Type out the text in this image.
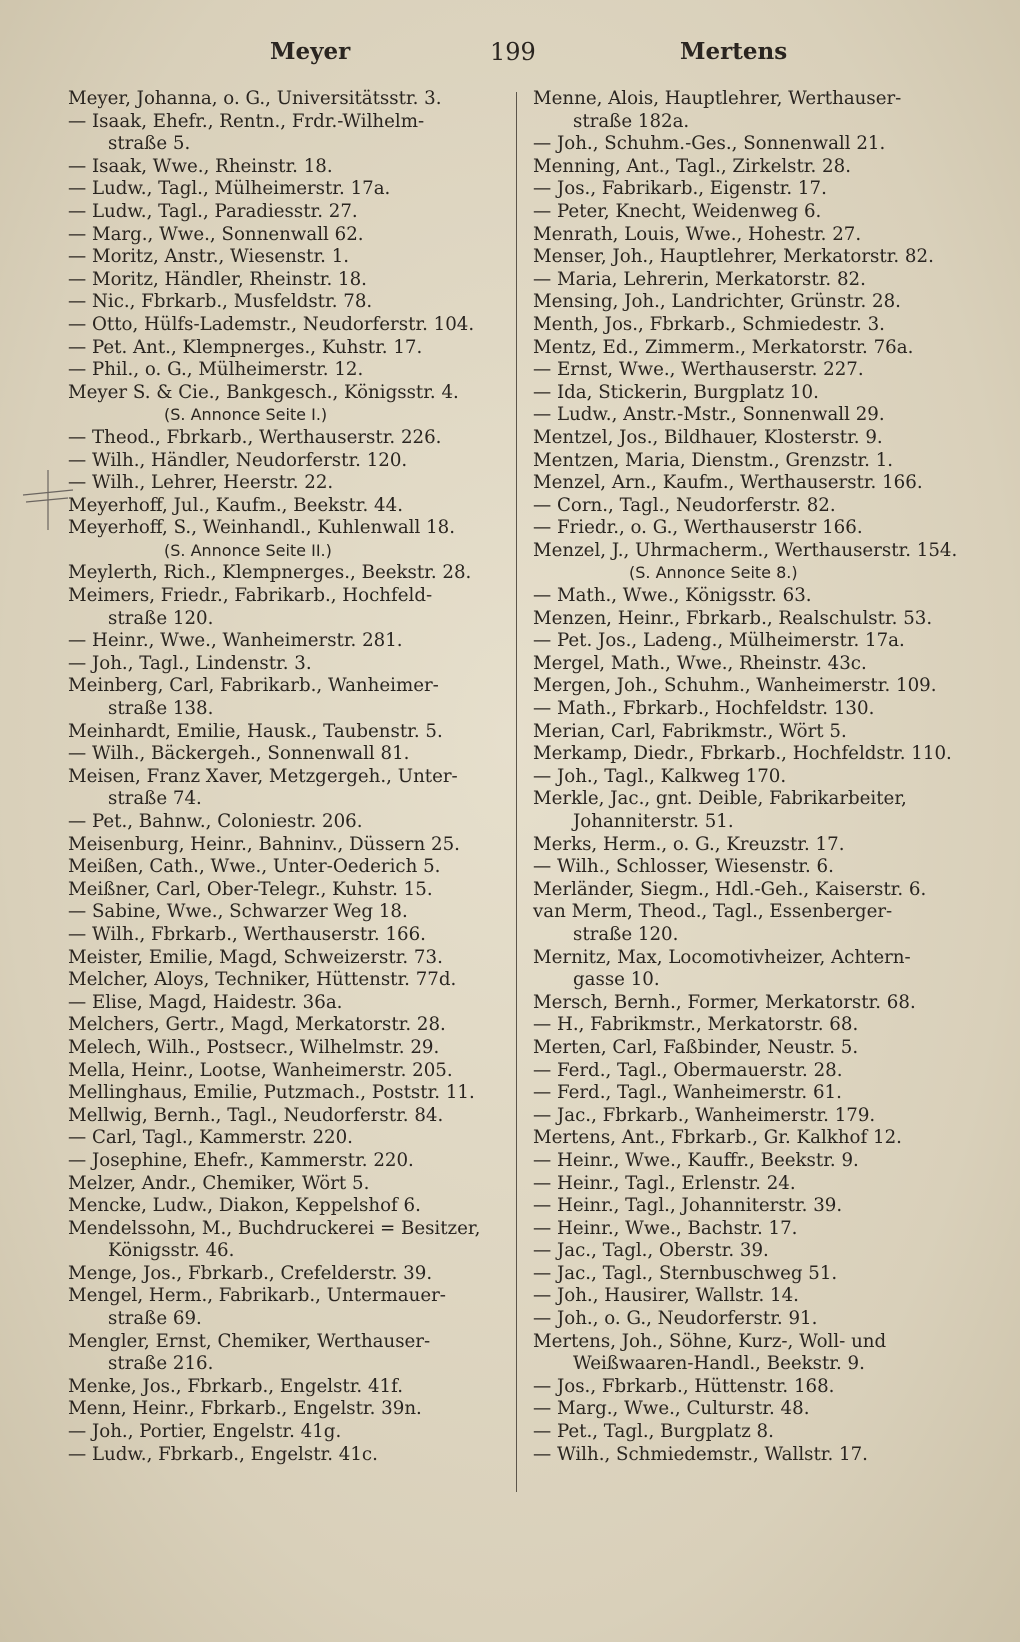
Meyer	199	Mertens
Meyer, Johanna, o. G., Universitätsstr. 3.
— Isaak, Ehefr., Rentn., Frdr.-Wilhelm-
straße 5.
— Isaak, Wwe., Rheinstr. 18.
— Ludw., Tagl., Mülheimerstr. 17a.
— Ludw., Tagl., Paradiesstr. 27.
— Marg., Wwe., Sonnenwall 62.
— Moritz, Anstr., Wiesenstr. 1.
— Moritz, Händler, Rheinstr. 18.
— Nic., Fbrkarb., Musfeldstr. 78.
— Otto, Hülfs-Lademstr., Neudorferstr. 104.
— Pet. Ant., Klempnerges., Kuhstr. 17.
— Phil., o. G., Mülheimerstr. 12.
Meyer S. & Cie., Bankgesch., Königsstr. 4.
(S. Annonce Seite I.)
— Theod., Fbrkarb., Werthauserstr. 226.
— Wilh., Händler, Neudorferstr. 120.
— Wilh., Lehrer, Heerstr. 22.
Meyerhoff, Jul., Kaufm., Beekstr. 44.
Meyerhoff, S., Weinhandl., Kuhlenwall 18.
(S. Annonce Seite II.)
Meylerth, Rich., Klempnerges., Beekstr. 28.
Meimers, Friedr., Fabrikarb., Hochfeld-
straße 120.
— Heinr., Wwe., Wanheimerstr. 281.
— Joh., Tagl., Lindenstr. 3.
Meinberg, Carl, Fabrikarb., Wanheimer-
straße 138.
Meinhardt, Emilie, Hausk., Taubenstr. 5.
— Wilh., Bäckergeh., Sonnenwall 81.
Meisen, Franz Xaver, Metzgergeh., Unter-
straße 74.
— Pet., Bahnw., Coloniestr. 206.
Meisenburg, Heinr., Bahninv., Düssern 25.
Meißen, Cath., Wwe., Unter-Oederich 5.
Meißner, Carl, Ober-Telegr., Kuhstr. 15.
— Sabine, Wwe., Schwarzer Weg 18.
— Wilh., Fbrkarb., Werthauserstr. 166.
Meister, Emilie, Magd, Schweizerstr. 73.
Melcher, Aloys, Techniker, Hüttenstr. 77d.
— Elise, Magd, Haidestr. 36a.
Melchers, Gertr., Magd, Merkatorstr. 28.
Melech, Wilh., Postsecr., Wilhelmstr. 29.
Mella, Heinr., Lootse, Wanheimerstr. 205.
Mellinghaus, Emilie, Putzmach., Poststr. 11.
Mellwig, Bernh., Tagl., Neudorferstr. 84.
— Carl, Tagl., Kammerstr. 220.
— Josephine, Ehefr., Kammerstr. 220.
Melzer, Andr., Chemiker, Wört 5.
Mencke, Ludw., Diakon, Keppelshof 6.
Mendelssohn, M., Buchdruckerei = Besitzer,
Königsstr. 46.
Menge, Jos., Fbrkarb., Crefelderstr. 39.
Mengel, Herm., Fabrikarb., Untermauer-
straße 69.
Mengler, Ernst, Chemiker, Werthauser-
straße 216.
Menke, Jos., Fbrkarb., Engelstr. 41f.
Menn, Heinr., Fbrkarb., Engelstr. 39n.
— Joh., Portier, Engelstr. 41g.
— Ludw., Fbrkarb., Engelstr. 41c.
Menne, Alois, Hauptlehrer, Werthauser-
straße 182a.
— Joh., Schuhm.-Ges., Sonnenwall 21.
Menning, Ant., Tagl., Zirkelstr. 28.
— Jos., Fabrikarb., Eigenstr. 17.
— Peter, Knecht, Weidenweg 6.
Menrath, Louis, Wwe., Hohestr. 27.
Menser, Joh., Hauptlehrer, Merkatorstr. 82.
— Maria, Lehrerin, Merkatorstr. 82.
Mensing, Joh., Landrichter, Grünstr. 28.
Menth, Jos., Fbrkarb., Schmiedestr. 3.
Mentz, Ed., Zimmerm., Merkatorstr. 76a.
— Ernst, Wwe., Werthauserstr. 227.
— Ida, Stickerin, Burgplatz 10.
— Ludw., Anstr.-Mstr., Sonnenwall 29.
Mentzel, Jos., Bildhauer, Klosterstr. 9.
Mentzen, Maria, Dienstm., Grenzstr. 1.
Menzel, Arn., Kaufm., Werthauserstr. 166.
— Corn., Tagl., Neudorferstr. 82.
— Friedr., o. G., Werthauserstr 166.
Menzel, J., Uhrmacherm., Werthauserstr. 154.
(S. Annonce Seite 8.)
— Math., Wwe., Königsstr. 63.
Menzen, Heinr., Fbrkarb., Realschulstr. 53.
— Pet. Jos., Ladeng., Mülheimerstr. 17a.
Mergel, Math., Wwe., Rheinstr. 43c.
Mergen, Joh., Schuhm., Wanheimerstr. 109.
— Math., Fbrkarb., Hochfeldstr. 130.
Merian, Carl, Fabrikmstr., Wört 5.
Merkamp, Diedr., Fbrkarb., Hochfeldstr. 110.
— Joh., Tagl., Kalkweg 170.
Merkle, Jac., gnt. Deible, Fabrikarbeiter,
Johanniterstr. 51.
Merks, Herm., o. G., Kreuzstr. 17.
— Wilh., Schlosser, Wiesenstr. 6.
Merländer, Siegm., Hdl.-Geh., Kaiserstr. 6.
van Merm, Theod., Tagl., Essenberger-
straße 120.
Mernitz, Max, Locomotivheizer, Achtern-
gasse 10.
Mersch, Bernh., Former, Merkatorstr. 68.
— H., Fabrikmstr., Merkatorstr. 68.
Merten, Carl, Faßbinder, Neustr. 5.
— Ferd., Tagl., Obermauerstr. 28.
— Ferd., Tagl., Wanheimerstr. 61.
— Jac., Fbrkarb., Wanheimerstr. 179.
Mertens, Ant., Fbrkarb., Gr. Kalkhof 12.
— Heinr., Wwe., Kauffr., Beekstr. 9.
— Heinr., Tagl., Erlenstr. 24.
— Heinr., Tagl., Johanniterstr. 39.
— Heinr., Wwe., Bachstr. 17.
— Jac., Tagl., Oberstr. 39.
— Jac., Tagl., Sternbuschweg 51.
— Joh., Hausirer, Wallstr. 14.
— Joh., o. G., Neudorferstr. 91.
Mertens, Joh., Söhne, Kurz-, Woll- und
Weißwaaren-Handl., Beekstr. 9.
— Jos., Fbrkarb., Hüttenstr. 168.
— Marg., Wwe., Culturstr. 48.
— Pet., Tagl., Burgplatz 8.
— Wilh., Schmiedemstr., Wallstr. 17.
